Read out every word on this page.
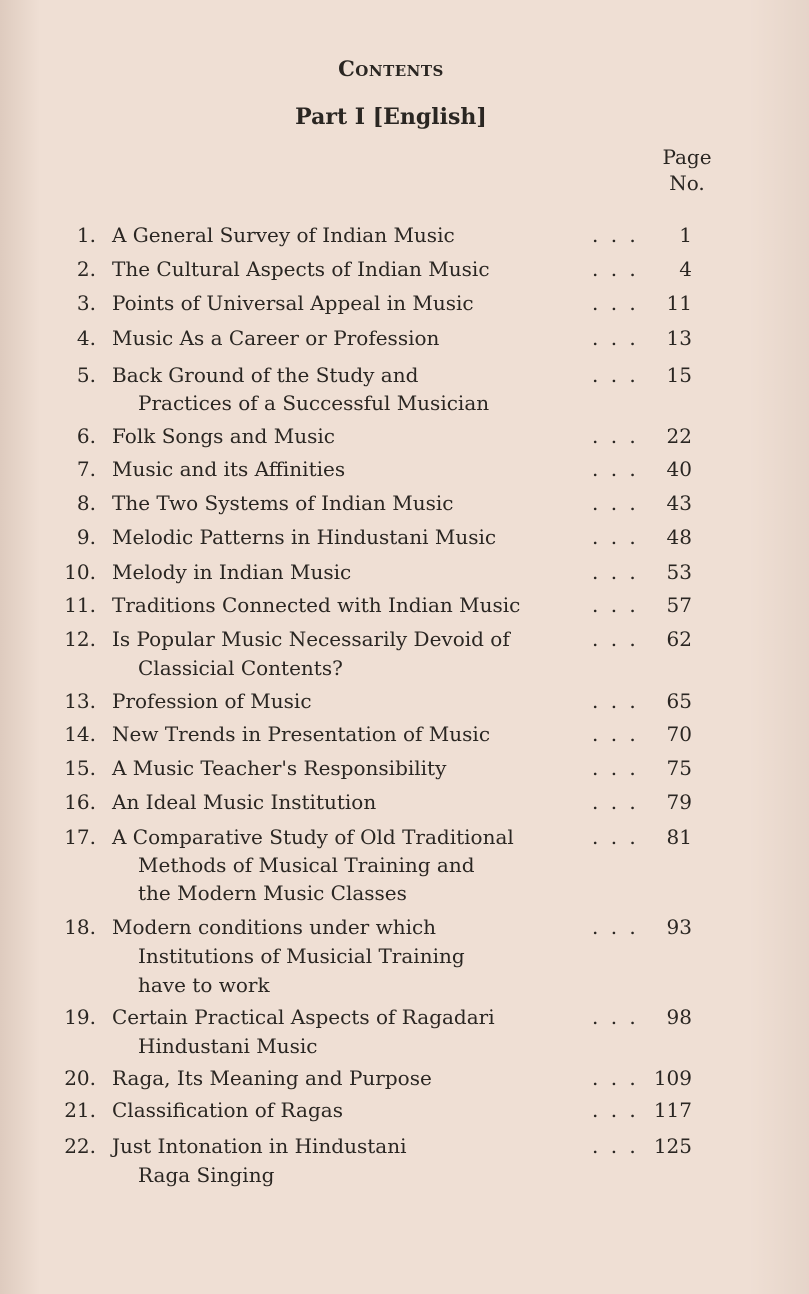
Contents
Part I [English]
Page
No.
1. A General Survey of Indian Music	. . .	1
2. The Cultural Aspects of Indian Music	. . .	4
3. Points of Universal Appeal in Music	. . .	11
4. Music As a Career or Profession	. . .	13
5. Back Ground of the Study and
Practices of a Successful Musician
. . .	15
6. Folk Songs and Music	. . .	22
7. Music and its Affinities	. . .	40
8. The Two Systems of Indian Music	. . .	43
9. Melodic Patterns in Hindustani Music	. . .	48
10. Melody in Indian Music	. . .	53
11. Traditions Connected with Indian Music	. . .	57
12. Is Popular Music Necessarily Devoid of
Classicial Contents?
. . .	62
13. Profession of Music	. . .	65
14. New Trends in Presentation of Music	. . .	70
15. A Music Teacher's Responsibility	. . .	75
16. An Ideal Music Institution	. . .	79
17. A Comparative Study of Old Traditional
Methods of Musical Training and
the Modern Music Classes
. . .	81
18. Modern conditions under which
Institutions of Musicial Training
have to work
. . .	93
19. Certain Practical Aspects of Ragadari
Hindustani Music
. . .	98
20. Raga, Its Meaning and Purpose	. . . 109
21. Classification of Ragas	. . . 117
22. Just Intonation in Hindustani
Raga Singing
. . . 125
